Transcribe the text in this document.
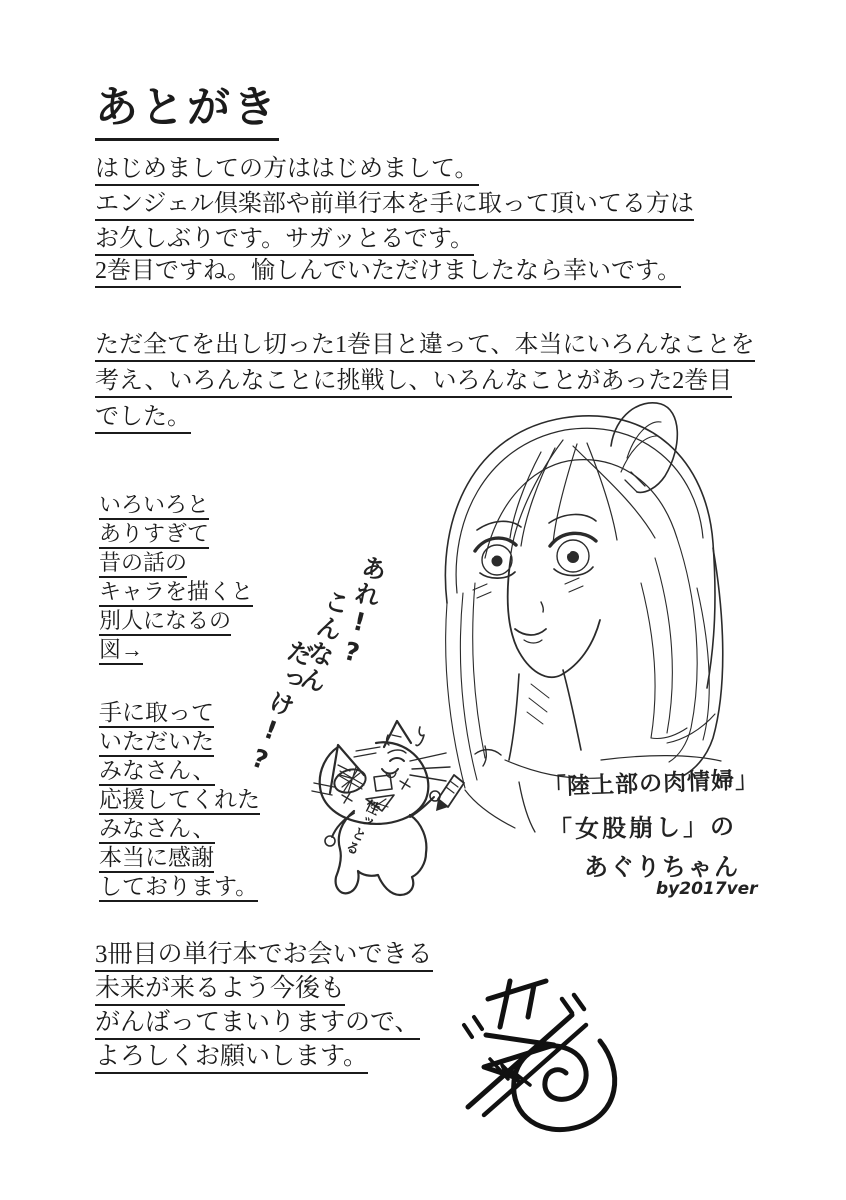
あとがき
はじめましての方ははじめまして。
エンジェル倶楽部や前単行本を手に取って頂いてる方は
お久しぶりです。サガッとるです。
2巻目ですね。愉しんでいただけましたなら幸いです。
ただ全てを出し切った1巻目と違って、本当にいろんなことを
考え、いろんなことに挑戦し、いろんなことがあった2巻目
でした。
いろいろと
ありすぎて
昔の話の
キャラを描くと
別人になるの
図→
手に取って
いただいた
みなさん、
応援してくれた
みなさん、
本当に感謝
しております。
3冊目の単行本でお会いできる
未来が来るよう今後も
がんばってまいりますので、
よろしくお願いします。
あれ!?
こんなん
だっけ!?
性ッとる
「陸上部の肉情婦」
「女股崩し」の
あぐりちゃん
by2017ver
